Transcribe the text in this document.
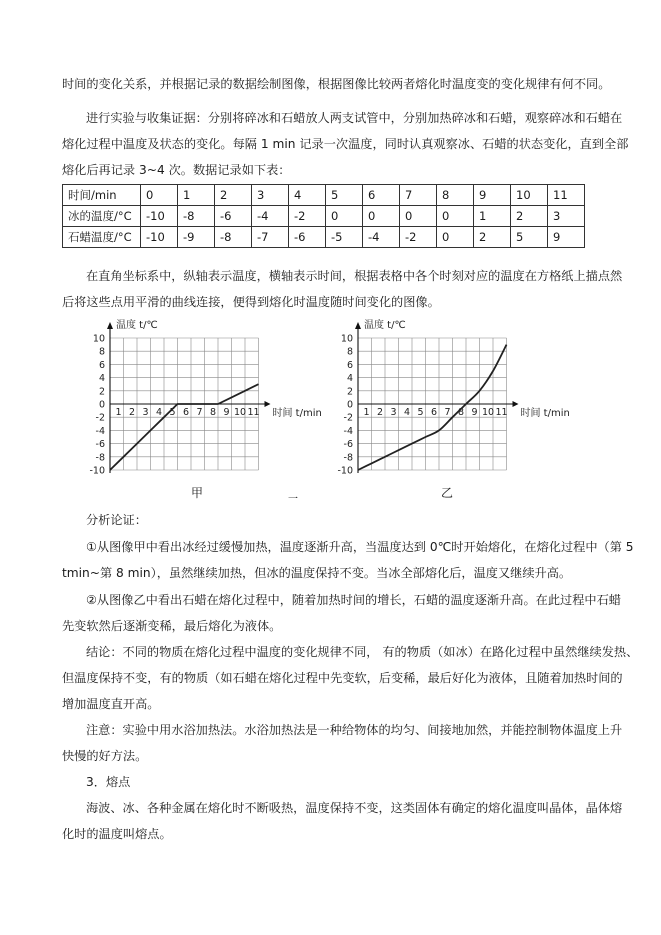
时间的变化关系，并根据记录的数据绘制图像，根据图像比较两者熔化时温度变的变化规律有何不同。
进行实验与收集证据：分别将碎冰和石蜡放人两支试管中，分别加热碎冰和石蜡，观察碎冰和石蜡在
熔化过程中温度及状态的变化。每隔 1 min 记录一次温度，同时认真观察冰、石蜡的状态变化，直到全部
熔化后再记录 3~4 次。数据记录如下表：
时间/min	0	1	2	3	4	5	6	7	8	9	10	11
冰的温度/°C	-10	-8	-6	-4	-2	0	0	0	0	1	2	3
石蜡温度/°C	-10	-9	-8	-7	-6	-5	-4	-2	0	2	5	9
在直角坐标系中，纵轴表示温度，横轴表示时间，根据表格中各个时刻对应的温度在方格纸上描点然
后将这些点用平滑的曲线连接，便得到熔化时温度随时间变化的图像。
10
8
6
4
2
0
-2
-4
-6
-8
-10
1 2 3 4 5 6 7 8 9 10 11
温度 t/℃
时间 t/min
10
8
6
4
2
0
-2
-4
-6
-8
-10
1 2 3 4 5 6 7 8 9 10 11
温度 t/℃
时间 t/min
甲	一	乙
分析论证：
①从图像甲中看出冰经过缓慢加热，温度逐渐升高，当温度达到 0℃时开始熔化，在熔化过程中（第 5
tmin~第 8 min），虽然继续加热，但冰的温度保持不变。当冰全部熔化后，温度又继续升高。
②从图像乙中看出石蜡在熔化过程中，随着加热时间的增长，石蜡的温度逐渐升高。在此过程中石蜡
先变软然后逐渐变稀，最后熔化为液体。
结论：不同的物质在熔化过程中温度的变化规律不同， 有的物质（如冰）在路化过程中虽然继续发热、
但温度保持不变，有的物质（如石蜡在熔化过程中先变软，后变稀，最后好化为液体，且随着加热时间的
增加温度直开高。
注意：实验中用水浴加热法。水浴加热法是一种给物体的均匀、间接地加然，并能控制物体温度上升
快慢的好方法。
3．熔点
海波、冰、各种金属在熔化时不断吸热，温度保持不变，这类固体有确定的熔化温度叫晶体，晶体熔
化时的温度叫熔点。
